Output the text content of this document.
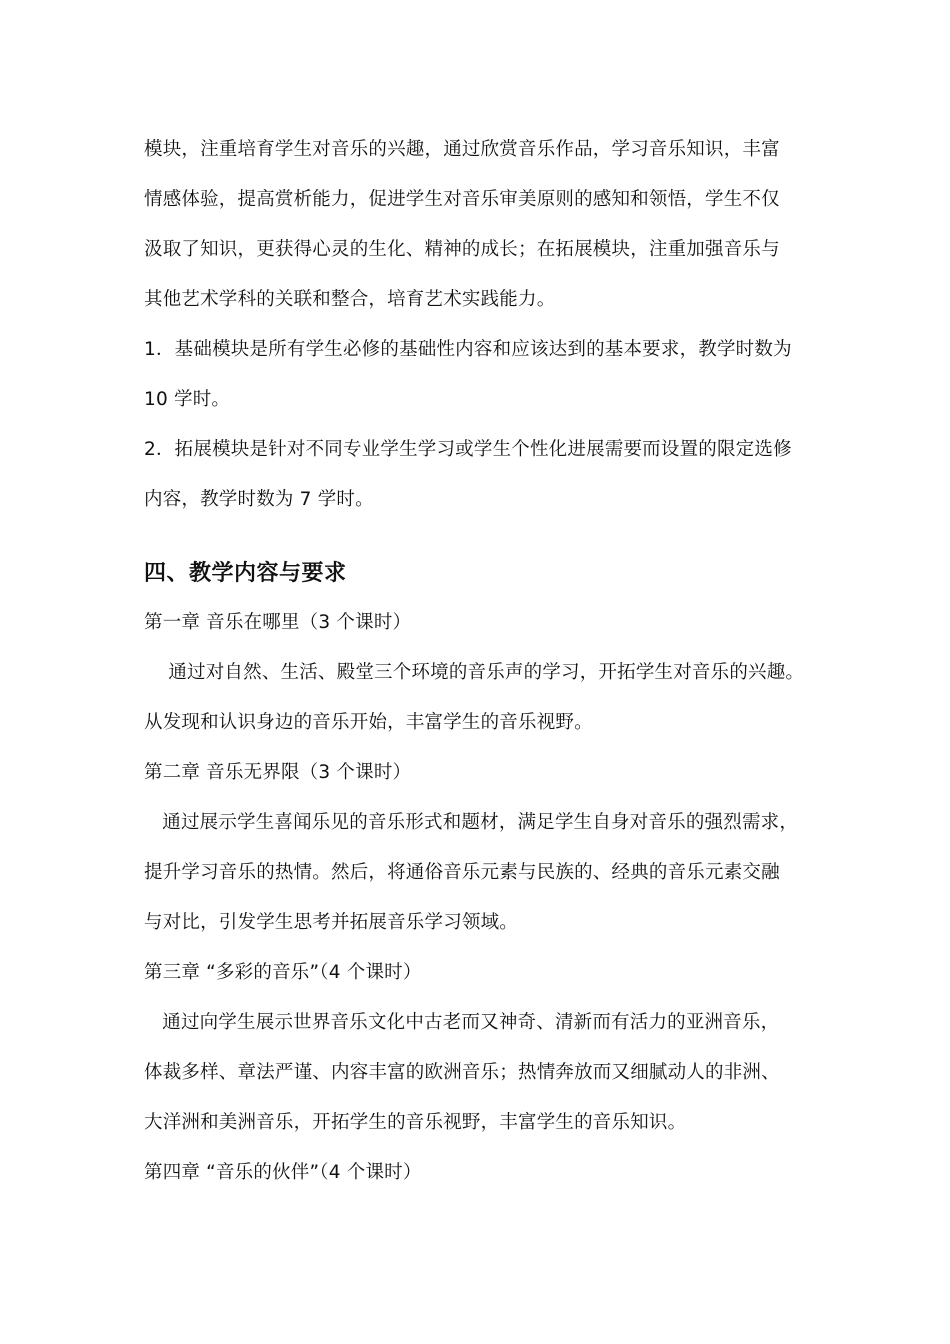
模块，注重培育学生对音乐的兴趣，通过欣赏音乐作品，学习音乐知识，丰富
情感体验，提高赏析能力，促进学生对音乐审美原则的感知和领悟，学生不仅
汲取了知识，更获得心灵的生化、精神的成长；在拓展模块，注重加强音乐与
其他艺术学科的关联和整合，培育艺术实践能力。
1．基础模块是所有学生必修的基础性内容和应该达到的基本要求，教学时数为
10 学时。
2．拓展模块是针对不同专业学生学习或学生个性化进展需要而设置的限定选修
内容，教学时数为 7 学时。
四、教学内容与要求
第一章 音乐在哪里（3 个课时）
通过对自然、生活、殿堂三个环境的音乐声的学习，开拓学生对音乐的兴趣。
从发现和认识身边的音乐开始，丰富学生的音乐视野。
第二章 音乐无界限（3 个课时）
通过展示学生喜闻乐见的音乐形式和题材，满足学生自身对音乐的强烈需求，
提升学习音乐的热情。然后，将通俗音乐元素与民族的、经典的音乐元素交融
与对比，引发学生思考并拓展音乐学习领域。
第三章 “多彩的音乐”（4 个课时）
通过向学生展示世界音乐文化中古老而又神奇、清新而有活力的亚洲音乐，
体裁多样、章法严谨、内容丰富的欧洲音乐；热情奔放而又细腻动人的非洲、
大洋洲和美洲音乐，开拓学生的音乐视野，丰富学生的音乐知识。
第四章 “音乐的伙伴”（4 个课时）
